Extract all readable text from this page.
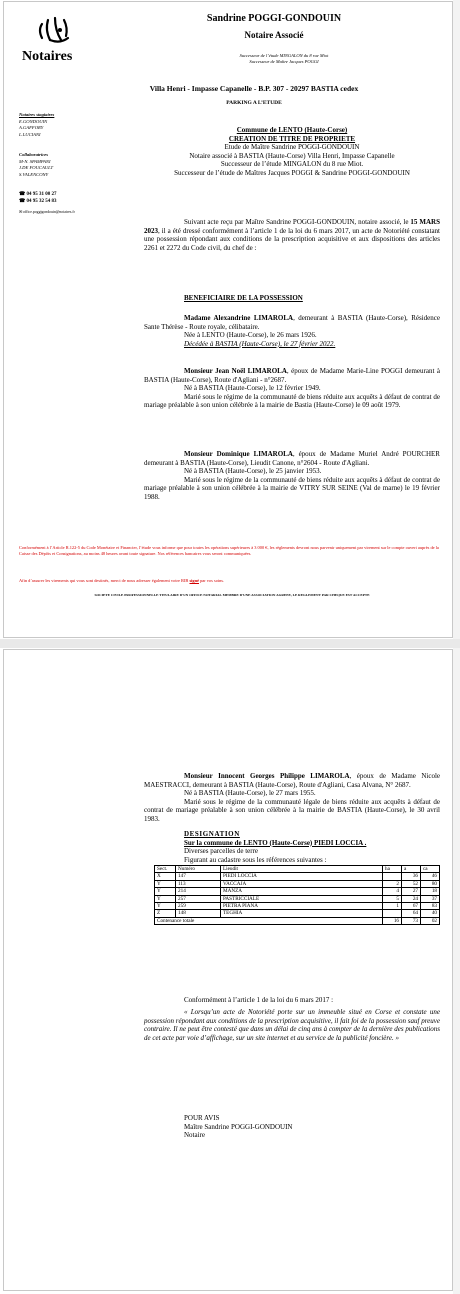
Notaires
Sandrine POGGI-GONDOUIN
Notaire Associé
Successeur de l’étude MINGALON du 8 rue Miot
Successeur de Maître Jacques POGGI
Villa Henri - Impasse Capanelle - B.P. 307 - 20297 BASTIA cedex
PARKING A L’ETUDE
Notaires stagiaires
E.GONDOUIN
A.GAFFORY
L.LUCIANI
Collaboratrices
M-N. SPAMPANI
J.DE FOUCAULT
S.VALENCONY
☎ 04 95 31 00 27
☎ 04 95 32 54 83
✉ office.poggigondouin@notaires.fr
Commune de LENTO (Haute-Corse)
CREATION DE TITRE DE PROPRIETE
Etude de Maître Sandrine POGGI-GONDOUIN
Notaire associé à BASTIA (Haute-Corse) Villa Henri, Impasse Capanelle
Successeur de l’étude MINGALON du 8 rue Miot.
Successeur de l’étude de Maîtres Jacques POGGI & Sandrine POGGI-GONDOUIN
Suivant acte reçu par Maître Sandrine POGGI-GONDOUIN, notaire associé, le 15 MARS 2023, il a été dressé conformément à l’article 1 de la loi du 6 mars 2017, un acte de Notoriété constatant une possession répondant aux conditions de la prescription acquisitive et aux dispositions des articles 2261 et 2272 du Code civil, du chef de :
BENEFICIAIRE DE LA POSSESSION
Madame Alexandrine LIMAROLA, demeurant à BASTIA (Haute-Corse), Résidence Sante Thérèse - Route royale, célibataire.
Née à LENTO (Haute-Corse), le 26 mars 1926.
Décédée à BASTIA (Haute-Corse), le 27 février 2022.
Monsieur Jean Noël LIMAROLA, époux de Madame Marie-Line POGGI demeurant à BASTIA (Haute-Corse), Route d'Agliani - n°2687.
Né à BASTIA (Haute-Corse), le 12 février 1949.
Marié sous le régime de la communauté de biens réduite aux acquêts à défaut de contrat de mariage préalable à son union célébrée à la mairie de Bastia (Haute-Corse) le 09 août 1979.
Monsieur Dominique LIMAROLA, époux de Madame Muriel André POURCHER demeurant à BASTIA (Haute-Corse), Lieudit Canone, n°2604 - Route d'Agliani.
Né à BASTIA (Haute-Corse), le 25 janvier 1953.
Marié sous le régime de la communauté de biens réduite aux acquêts à défaut de contrat de mariage préalable à son union célébrée à la mairie de VITRY SUR SEINE (Val de marne) le 19 février 1988.
Conformément à l’Article R.122-5 du Code Monétaire et Financier, l’étude vous informe que pour toutes les opérations supérieures à 3 000 €, les règlements devront nous parvenir uniquement par virement sur le compte ouvert auprès de la Caisse des Dépôts et Consignations, au moins 48 heures avant toute signature. Nos références bancaires vous seront communiquées.
Afin d’assurer les virements qui vous sont destinés, merci de nous adresser également votre RIB signé par vos soins.
SOCIETE CIVILE PROFESSIONNELLE TITULAIRE D'UN OFFICE NOTARIAL MEMBRE D'UNE ASSOCIATION AGREEE, LE REGLEMENT PAR CHEQUE EST ACCEPTE
Monsieur Innocent Georges Philippe LIMAROLA, époux de Madame Nicole MAESTRACCI, demeurant à BASTIA (Haute-Corse), Route d'Agliani, Casa Alvana, N° 2687.
Né à BASTIA (Haute-Corse), le 27 mars 1955.
Marié sous le régime de la communauté légale de biens réduite aux acquêts à défaut de contrat de mariage préalable à son union célébrée à la mairie de BASTIA (Haute-Corse), le 30 avril 1983.
DESIGNATION
Sur la commune de LENTO (Haute-Corse) PIEDI LOCCIA .
Diverses parcelles de terre
Figurant au cadastre sous les références suivantes :
Sect.	Numéro	Lieudit	ha	a	ca
X	147	PIEDI LOCCIA		36	46
Y	113	VACCAJA	2	52	80
Y	214	MANZA	4	27	18
Y	257	PASTRICCIALE	5	24	37
Y	259	PIETRA PIANA	1	67	83
Z	148	TEGHIA		64	40
Contenance totale			16	73	02
Conformément à l’article 1 de la loi du 6 mars 2017 :
« Lorsqu’un acte de Notoriété porte sur un immeuble situé en Corse et constate une possession répondant aux conditions de la prescription acquisitive, il fait foi de la possession sauf preuve contraire. Il ne peut être contesté que dans un délai de cinq ans à compter de la dernière des publications de cet acte par voie d’affichage, sur un site internet et au service de la publicité foncière. »
POUR AVIS
Maître Sandrine POGGI-GONDOUIN
Notaire
